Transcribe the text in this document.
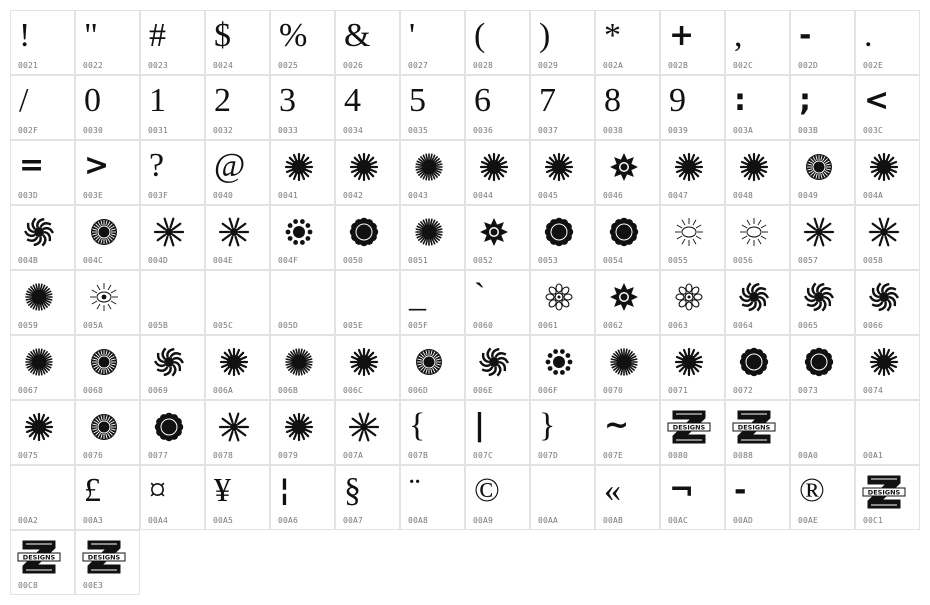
!
0021
"
0022
#
0023
$
0024
%
0025
&
0026
'
0027
(
0028
)
0029
*
002A
+
002B
,
002C
-
002D
.
002E
/
002F
0
0030
1
0031
2
0032
3
0033
4
0034
5
0035
6
0036
7
0037
8
0038
9
0039
:
003A
;
003B
<
003C
=
003D
>
003E
?
003F
@
0040	0041	0042	0043	0044	0045	0046	0047	0048	0049	004A
004B	004C	004D	004E	004F	0050	0051	0052	0053	0054	0055	0056	0057	0058
0059	005A	005B	005C	005D	005E
_
005F
`
0060	0061	0062	0063	0064	0065	0066
0067	0068	0069	006A	006B	006C	006D	006E	006F	0070	0071	0072	0073	0074
0075	0076	0077	0078	0079	007A
{
007B
|
007C
}
007D
~
007E
DESIGNS
0080
DESIGNS
0088	00A0	00A1
00A2
£
00A3
¤
00A4
¥
00A5
¦
00A6
§
00A7
¨
00A8
©
00A9	00AA
«
00AB
¬
00AC
-
00AD
®
00AE
DESIGNS
00C1
DESIGNS
00C8
DESIGNS
00E3
